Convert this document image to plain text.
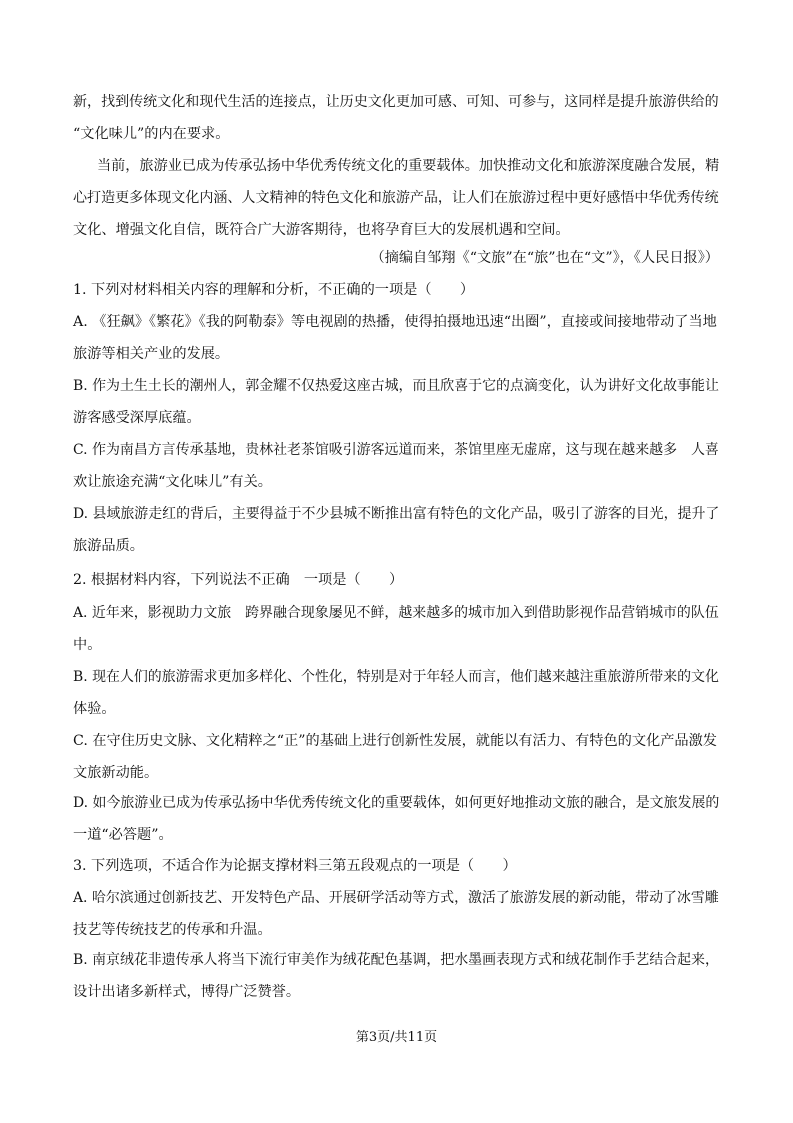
新，找到传统文化和现代生活的连接点，让历史文化更加可感、可知、可参与，这同样是提升旅游供给的
“文化味儿”的内在要求。
当前，旅游业已成为传承弘扬中华优秀传统文化的重要载体。加快推动文化和旅游深度融合发展，精
心打造更多体现文化内涵、人文精神的特色文化和旅游产品，让人们在旅游过程中更好感悟中华优秀传统
文化、增强文化自信，既符合广大游客期待，也将孕育巨大的发展机遇和空间。
（摘编自邹翔《“文旅”在“旅”也在“文”》，《人民日报》）
1. 下列对材料相关内容的理解和分析，不正确的一项是（　　）
A. 《狂飙》《繁花》《我的阿勒泰》等电视剧的热播，使得拍摄地迅速“出圈”，直接或间接地带动了当地
旅游等相关产业的发展。
B. 作为土生土长的潮州人，郭金耀不仅热爱这座古城，而且欣喜于它的点滴变化，认为讲好文化故事能让
游客感受深厚底蕴。
C. 作为南昌方言传承基地，贵林社老茶馆吸引游客远道而来，茶馆里座无虚席，这与现在越来越多　人喜
欢让旅途充满“文化味儿”有关。
D. 县域旅游走红的背后，主要得益于不少县城不断推出富有特色的文化产品，吸引了游客的目光，提升了
旅游品质。
2. 根据材料内容，下列说法不正确　一项是（　　）
A. 近年来，影视助力文旅　跨界融合现象屡见不鲜，越来越多的城市加入到借助影视作品营销城市的队伍
中。
B. 现在人们的旅游需求更加多样化、个性化，特别是对于年轻人而言，他们越来越注重旅游所带来的文化
体验。
C. 在守住历史文脉、文化精粹之“正”的基础上进行创新性发展，就能以有活力、有特色的文化产品激发
文旅新动能。
D. 如今旅游业已成为传承弘扬中华优秀传统文化的重要载体，如何更好地推动文旅的融合，是文旅发展的
一道“必答题”。
3. 下列选项，不适合作为论据支撑材料三第五段观点的一项是（　　）
A. 哈尔滨通过创新技艺、开发特色产品、开展研学活动等方式，激活了旅游发展的新动能，带动了冰雪雕
技艺等传统技艺的传承和升温。
B. 南京绒花非遗传承人将当下流行审美作为绒花配色基调，把水墨画表现方式和绒花制作手艺结合起来，
设计出诸多新样式，博得广泛赞誉。
第3页/共11页
